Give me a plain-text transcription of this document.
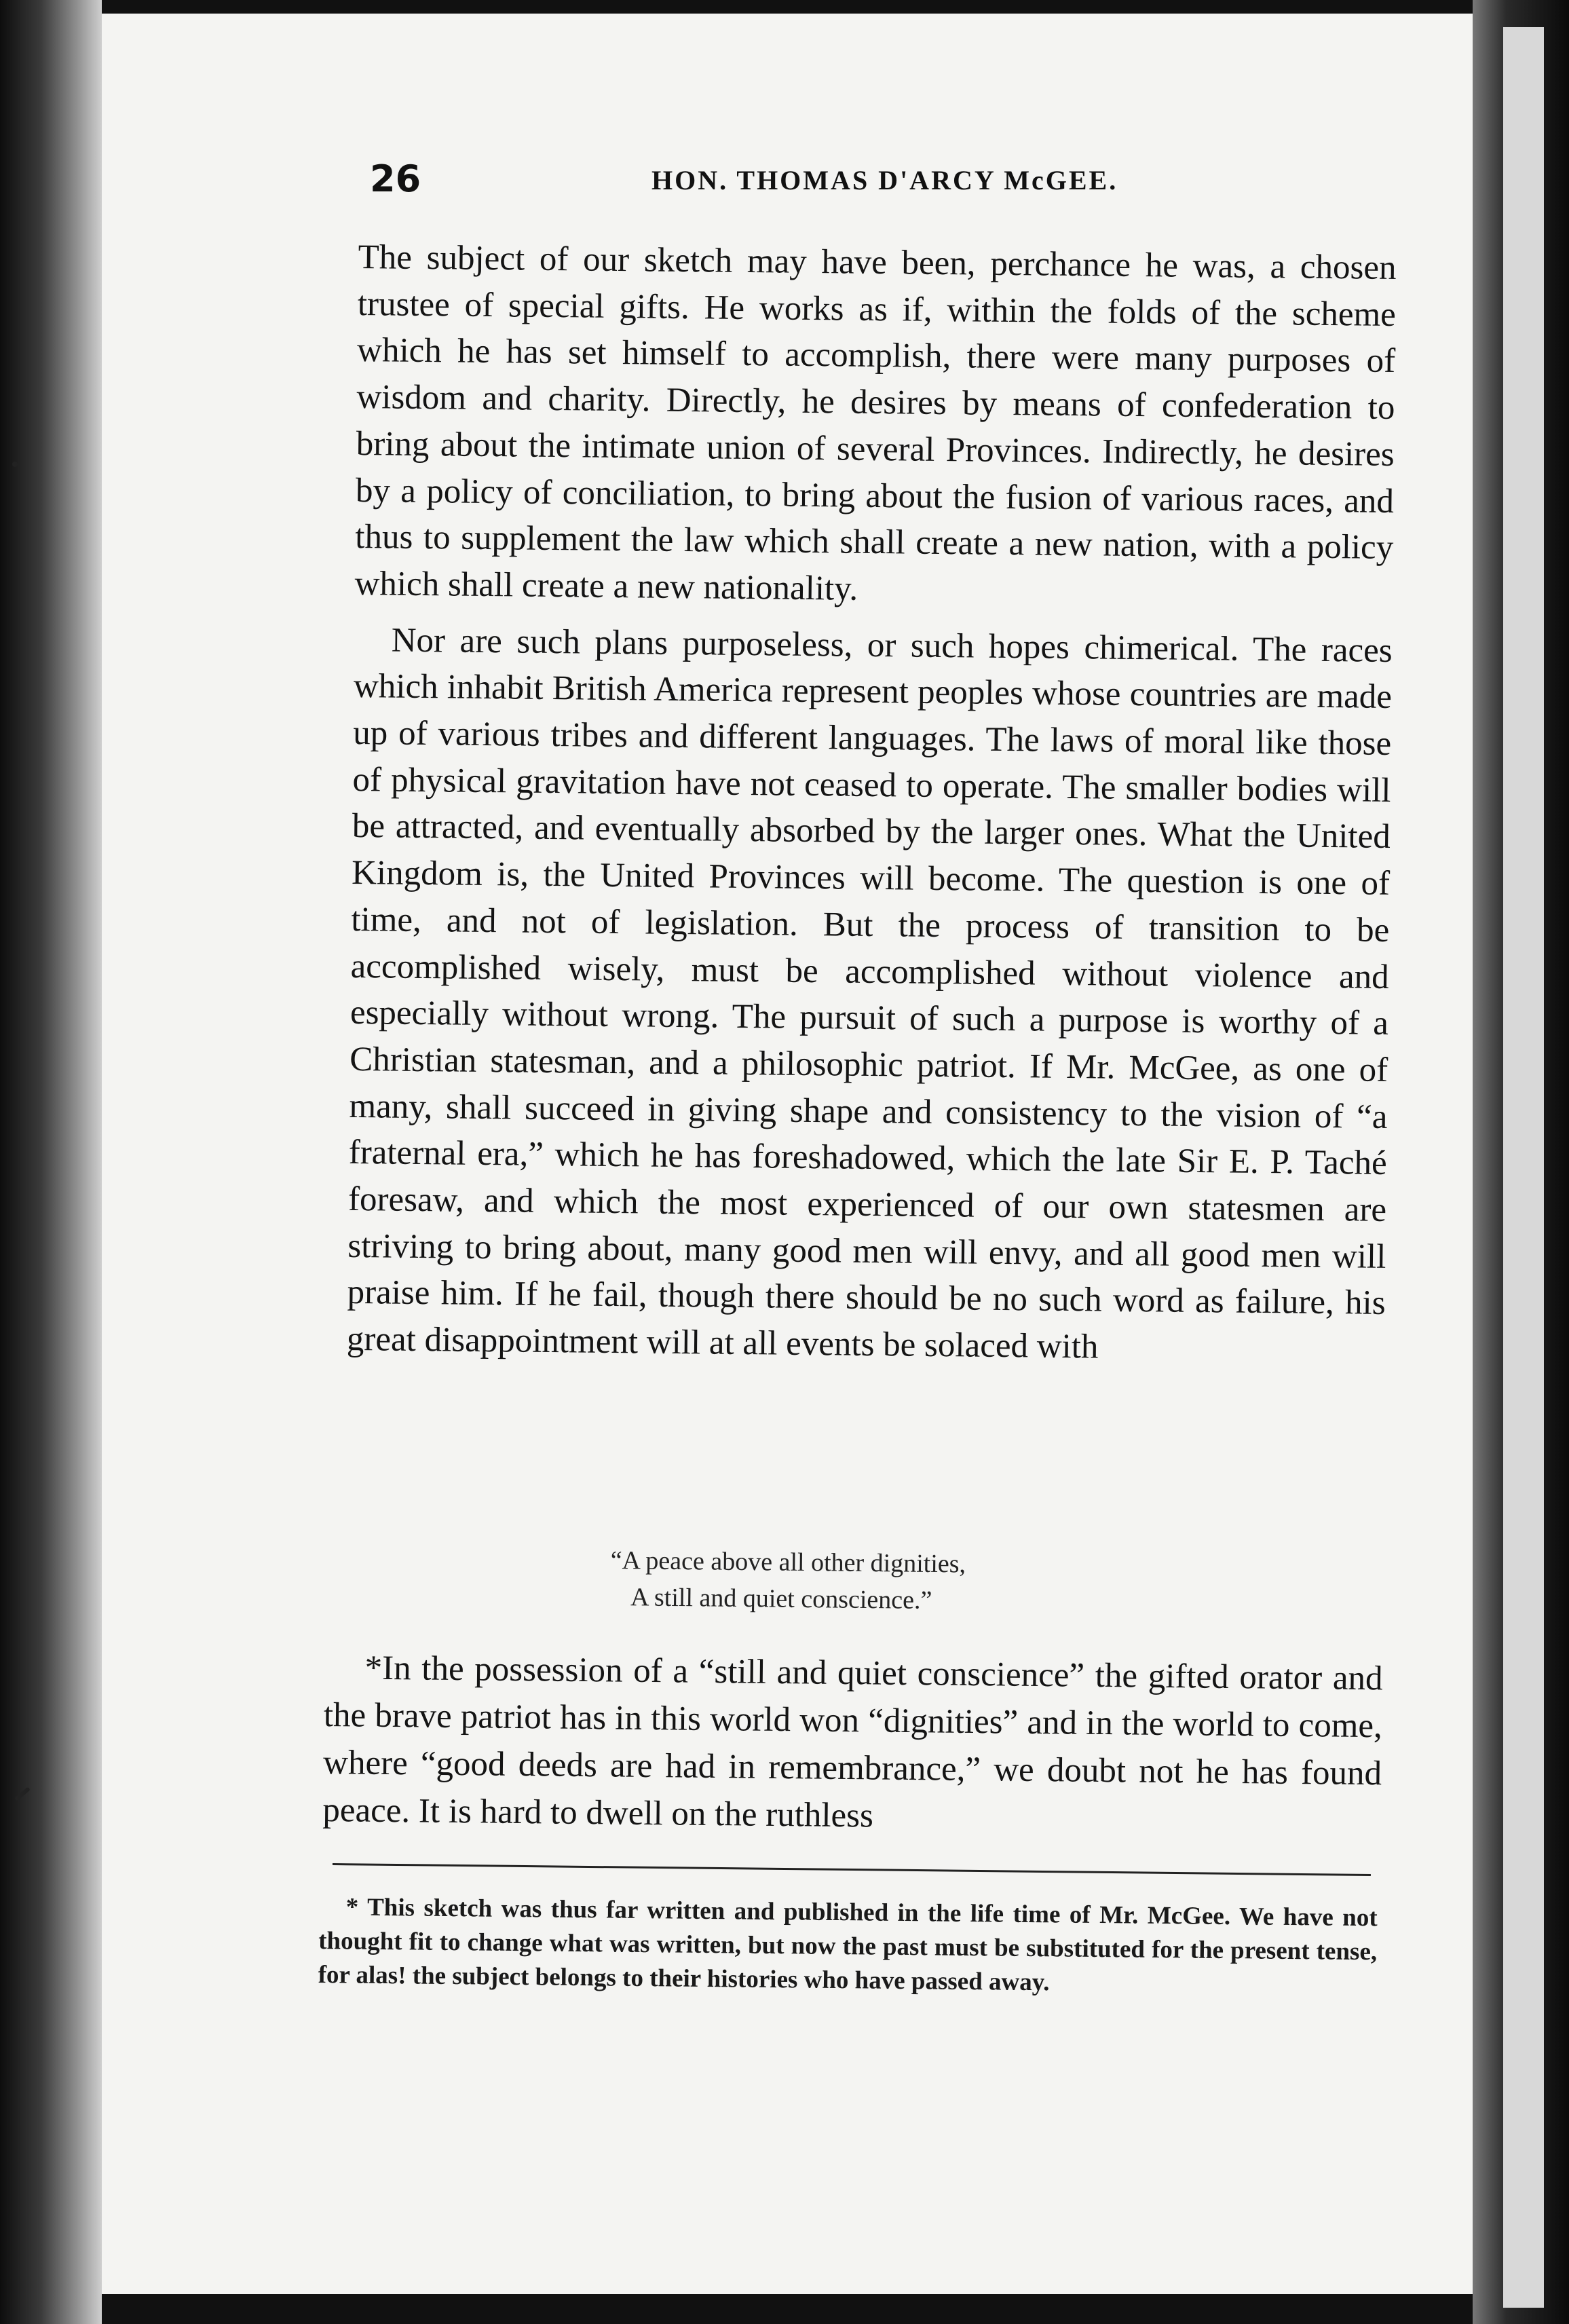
26	HON. THOMAS D'ARCY McGEE.

The subject of our sketch may have been, perchance he was, a chosen trustee of special gifts. He works as if, within the folds of the scheme which he has set himself to accomplish, there were many purposes of wisdom and charity. Directly, he desires by means of confederation to bring about the intimate union of several Provinces. Indirectly, he desires by a policy of conciliation, to bring about the fusion of various races, and thus to supplement the law which shall create a new nation, with a policy which shall create a new nationality.

Nor are such plans purposeless, or such hopes chimerical. The races which inhabit British America represent peoples whose countries are made up of various tribes and different languages. The laws of moral like those of physical gravitation have not ceased to operate. The smaller bodies will be attracted, and eventually absorbed by the larger ones. What the United Kingdom is, the United Provinces will become. The question is one of time, and not of legislation. But the process of transition to be accomplished wisely, must be accomplished without violence and especially without wrong. The pursuit of such a purpose is worthy of a Christian statesman, and a philosophic patriot. If Mr. McGee, as one of many, shall succeed in giving shape and consistency to the vision of “a fraternal era,” which he has foreshadowed, which the late Sir E. P. Taché foresaw, and which the most experienced of our own statesmen are striving to bring about, many good men will envy, and all good men will praise him. If he fail, though there should be no such word as failure, his great disappointment will at all events be solaced with

“A peace above all other dignities,
A still and quiet conscience.”

*In the possession of a “still and quiet conscience” the gifted orator and the brave patriot has in this world won “dignities” and in the world to come, where “good deeds are had in remembrance,” we doubt not he has found peace. It is hard to dwell on the ruthless

* This sketch was thus far written and published in the life time of Mr. McGee. We have not thought fit to change what was written, but now the past must be substituted for the present tense, for alas! the subject belongs to their histories who have passed away.
